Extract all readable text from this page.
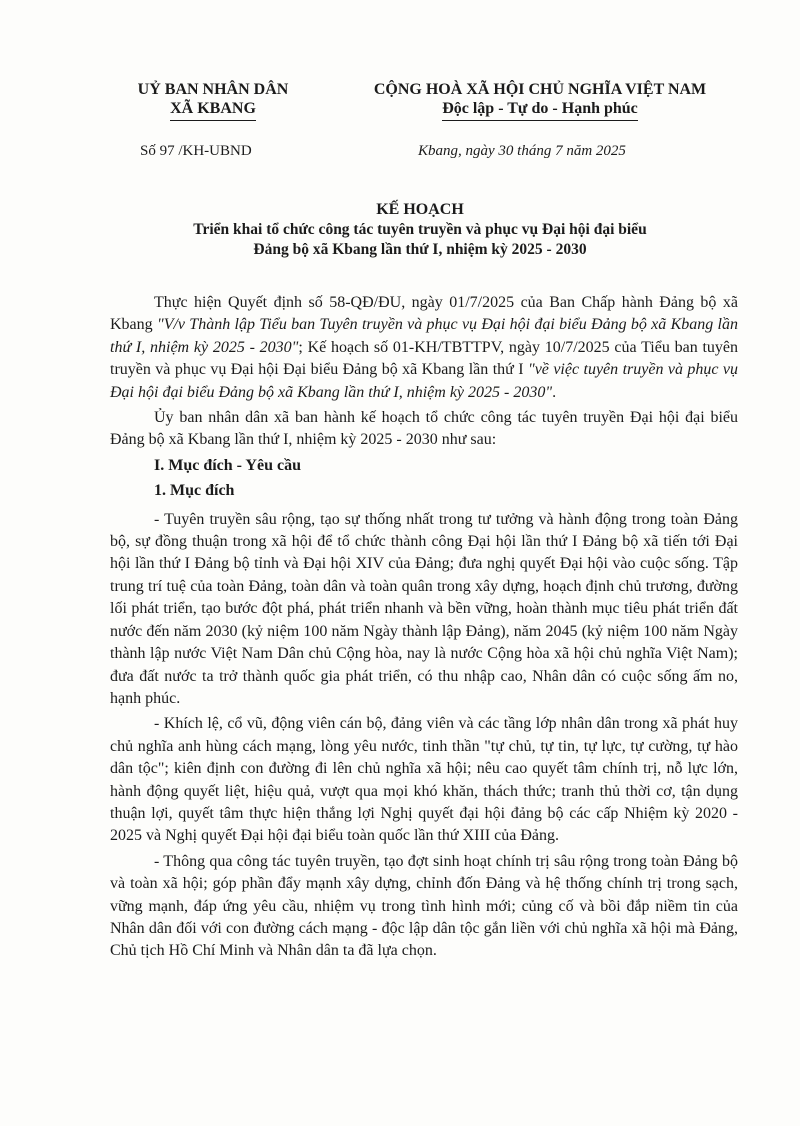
UỶ BAN NHÂN DÂN
XÃ KBANG
CỘNG HOÀ XÃ HỘI CHỦ NGHĨA VIỆT NAM
Độc lập - Tự do - Hạnh phúc
Số 97 /KH-UBND	Kbang, ngày 30 tháng 7 năm 2025
KẾ HOẠCH
Triển khai tổ chức công tác tuyên truyền và phục vụ Đại hội đại biểu
Đảng bộ xã Kbang lần thứ I, nhiệm kỳ 2025 - 2030

Thực hiện Quyết định số 58-QĐ/ĐU, ngày 01/7/2025 của Ban Chấp hành Đảng bộ xã Kbang "V/v Thành lập Tiểu ban Tuyên truyền và phục vụ Đại hội đại biểu Đảng bộ xã Kbang lần thứ I, nhiệm kỳ 2025 - 2030"; Kế hoạch số 01-KH/TBTTPV, ngày 10/7/2025 của Tiểu ban tuyên truyền và phục vụ Đại hội Đại biểu Đảng bộ xã Kbang lần thứ I "về việc tuyên truyền và phục vụ Đại hội đại biểu Đảng bộ xã Kbang lần thứ I, nhiệm kỳ 2025 - 2030".

Ủy ban nhân dân xã ban hành kế hoạch tổ chức công tác tuyên truyền Đại hội đại biểu Đảng bộ xã Kbang lần thứ I, nhiệm kỳ 2025 - 2030 như sau:

I. Mục đích - Yêu cầu

1. Mục đích

- Tuyên truyền sâu rộng, tạo sự thống nhất trong tư tưởng và hành động trong toàn Đảng bộ, sự đồng thuận trong xã hội để tổ chức thành công Đại hội lần thứ I Đảng bộ xã tiến tới Đại hội lần thứ I Đảng bộ tỉnh và Đại hội XIV của Đảng; đưa nghị quyết Đại hội vào cuộc sống. Tập trung trí tuệ của toàn Đảng, toàn dân và toàn quân trong xây dựng, hoạch định chủ trương, đường lối phát triển, tạo bước đột phá, phát triển nhanh và bền vững, hoàn thành mục tiêu phát triển đất nước đến năm 2030 (kỷ niệm 100 năm Ngày thành lập Đảng), năm 2045 (kỷ niệm 100 năm Ngày thành lập nước Việt Nam Dân chủ Cộng hòa, nay là nước Cộng hòa xã hội chủ nghĩa Việt Nam); đưa đất nước ta trở thành quốc gia phát triển, có thu nhập cao, Nhân dân có cuộc sống ấm no, hạnh phúc.

- Khích lệ, cổ vũ, động viên cán bộ, đảng viên và các tầng lớp nhân dân trong xã phát huy chủ nghĩa anh hùng cách mạng, lòng yêu nước, tinh thần "tự chủ, tự tin, tự lực, tự cường, tự hào dân tộc"; kiên định con đường đi lên chủ nghĩa xã hội; nêu cao quyết tâm chính trị, nỗ lực lớn, hành động quyết liệt, hiệu quả, vượt qua mọi khó khăn, thách thức; tranh thủ thời cơ, tận dụng thuận lợi, quyết tâm thực hiện thắng lợi Nghị quyết đại hội đảng bộ các cấp Nhiệm kỳ 2020 - 2025 và Nghị quyết Đại hội đại biểu toàn quốc lần thứ XIII của Đảng.

- Thông qua công tác tuyên truyền, tạo đợt sinh hoạt chính trị sâu rộng trong toàn Đảng bộ và toàn xã hội; góp phần đẩy mạnh xây dựng, chỉnh đốn Đảng và hệ thống chính trị trong sạch, vững mạnh, đáp ứng yêu cầu, nhiệm vụ trong tình hình mới; củng cố và bồi đắp niềm tin của Nhân dân đối với con đường cách mạng - độc lập dân tộc gắn liền với chủ nghĩa xã hội mà Đảng, Chủ tịch Hồ Chí Minh và Nhân dân ta đã lựa chọn.
